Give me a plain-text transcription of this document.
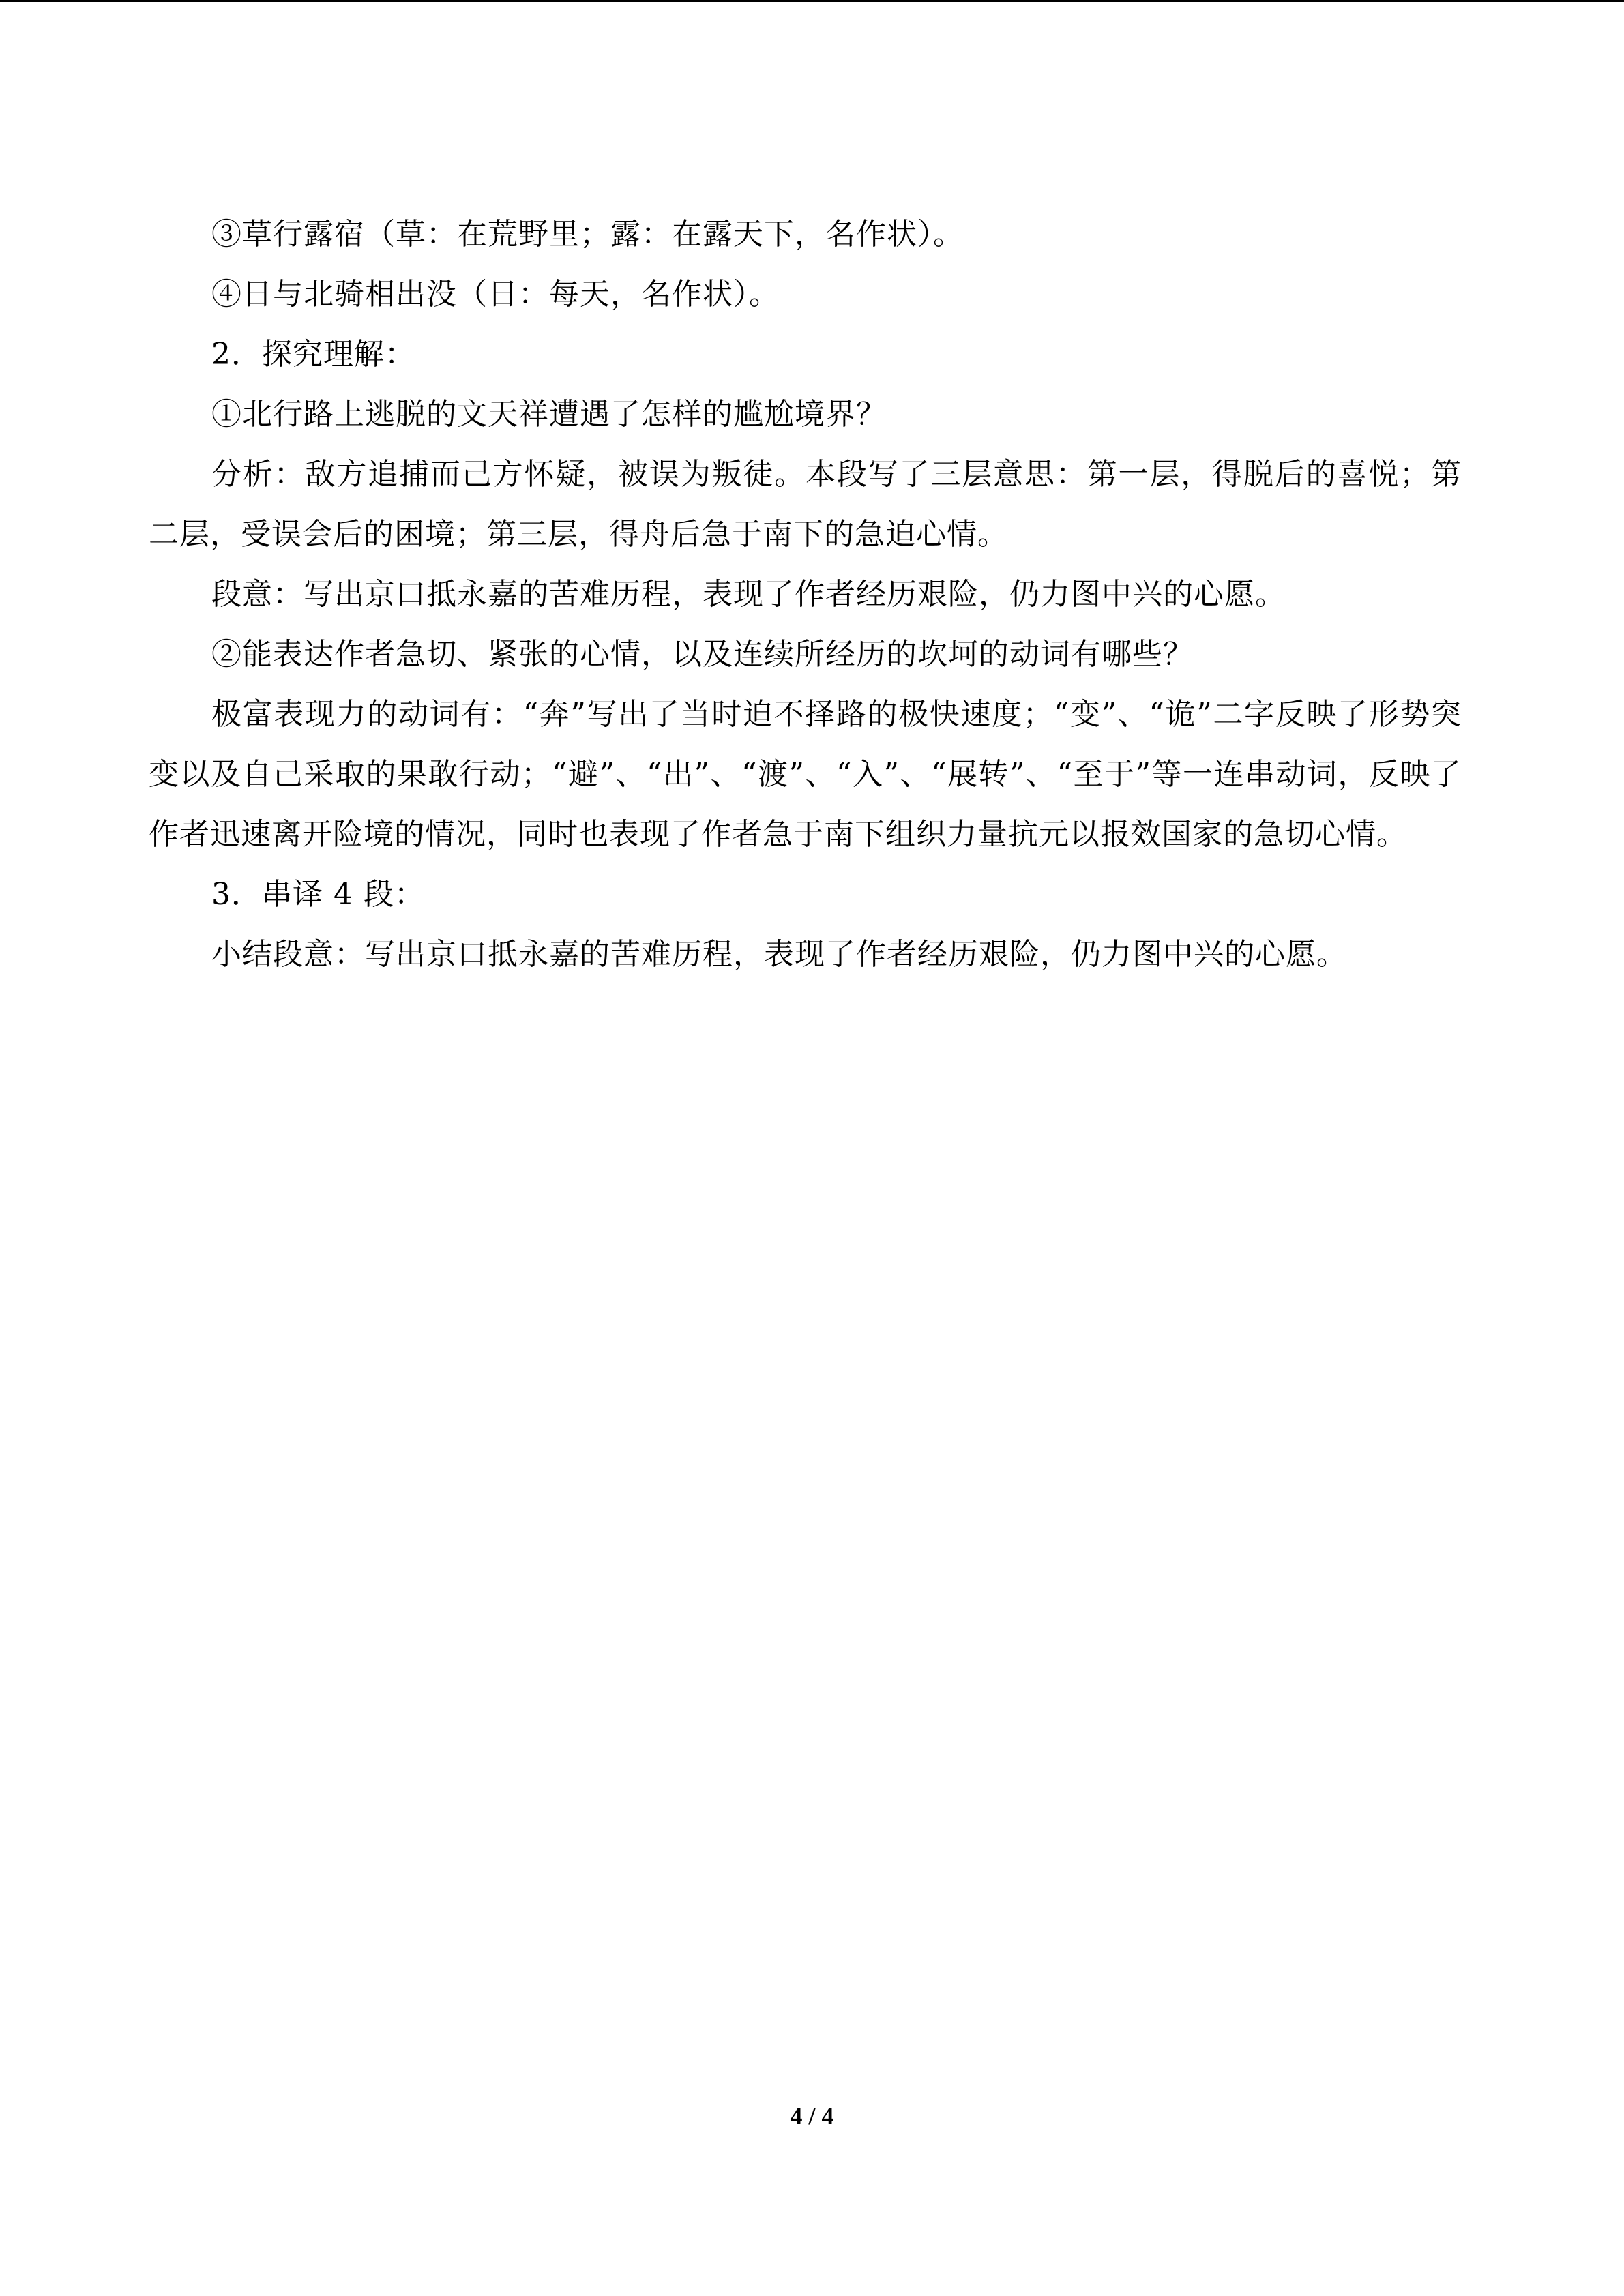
③草行露宿（草：在荒野里；露：在露天下，名作状）。

④日与北骑相出没（日：每天，名作状）。

2．探究理解：

①北行路上逃脱的文天祥遭遇了怎样的尴尬境界？

分析：敌方追捕而己方怀疑，被误为叛徒。本段写了三层意思：第一层，得脱后的喜悦；第二层，受误会后的困境；第三层，得舟后急于南下的急迫心情。

段意：写出京口抵永嘉的苦难历程，表现了作者经历艰险，仍力图中兴的心愿。

②能表达作者急切、紧张的心情，以及连续所经历的坎坷的动词有哪些？

极富表现力的动词有：“奔”写出了当时迫不择路的极快速度；“变”、“诡”二字反映了形势突变以及自己采取的果敢行动；“避”、“出”、“渡”、“入”、“展转”、“至于”等一连串动词，反映了作者迅速离开险境的情况，同时也表现了作者急于南下组织力量抗元以报效国家的急切心情。

3．串译 4 段：

小结段意：写出京口抵永嘉的苦难历程，表现了作者经历艰险，仍力图中兴的心愿。

4 / 4
